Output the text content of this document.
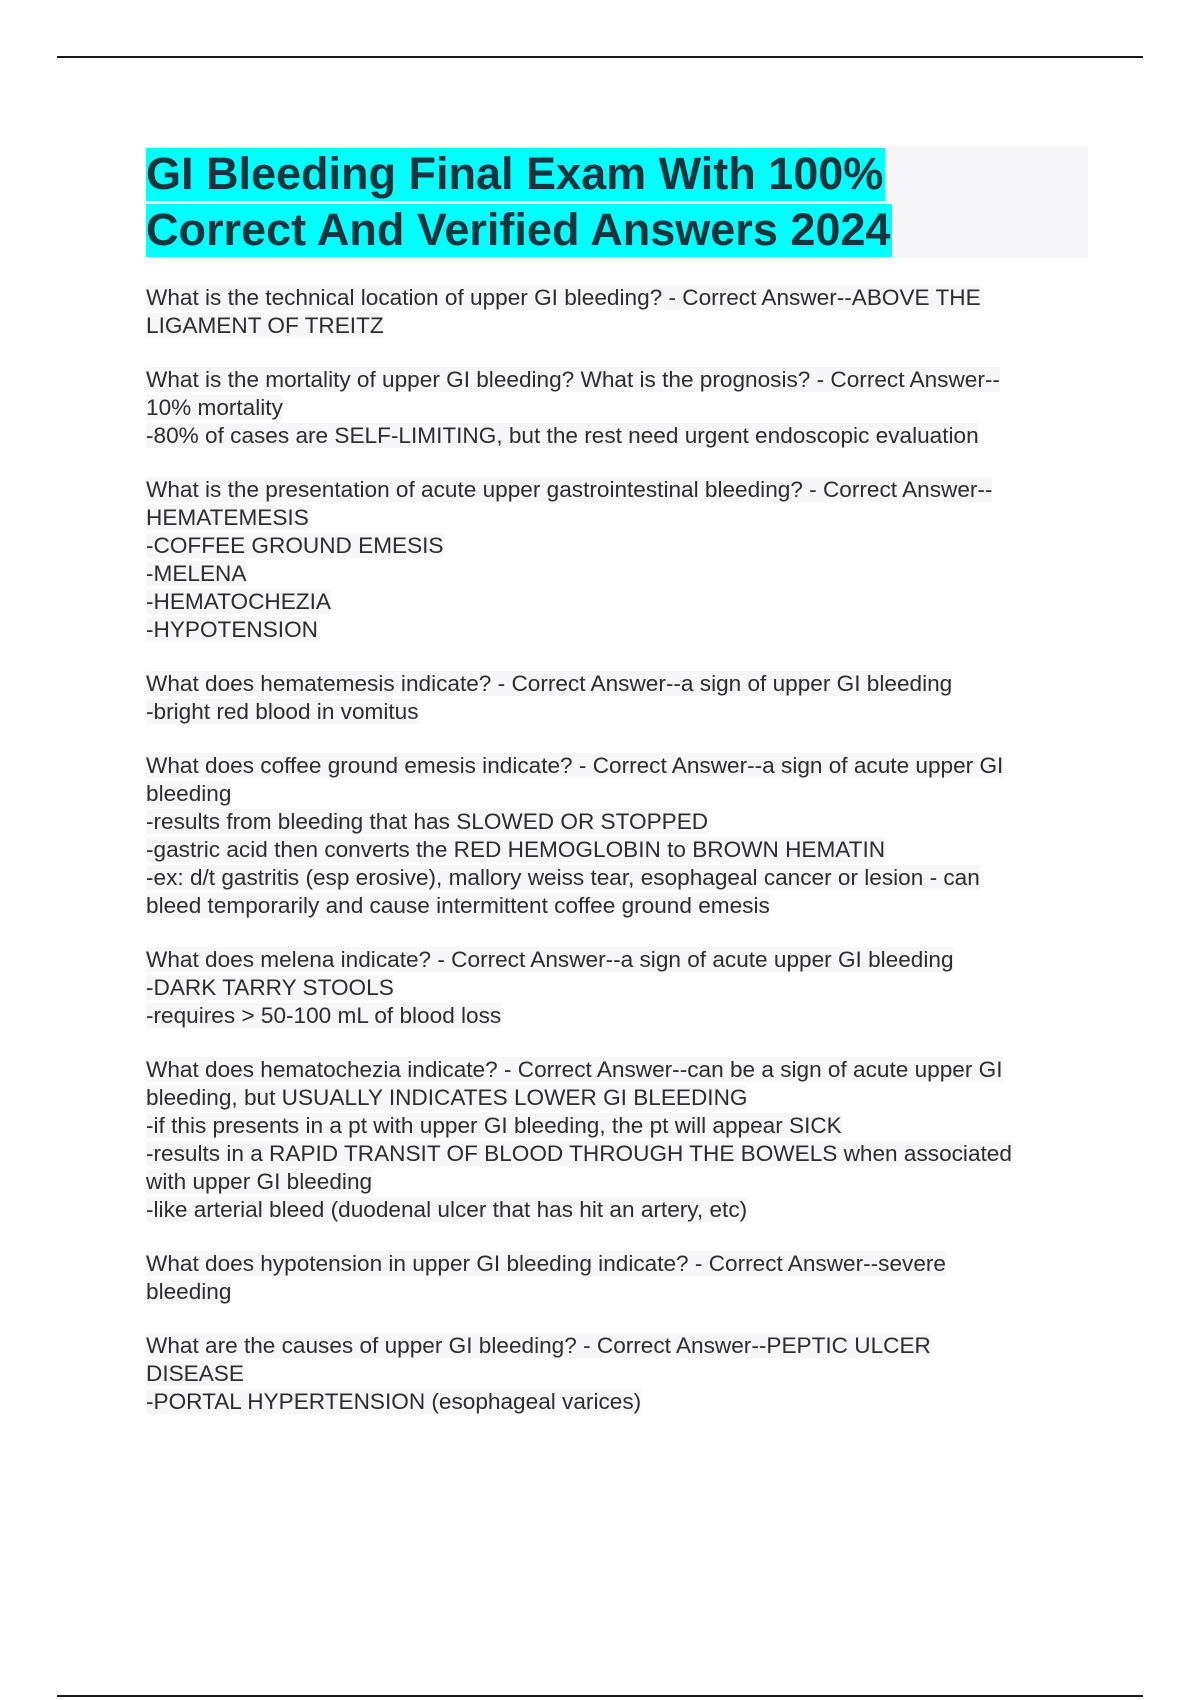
GI Bleeding Final Exam With 100%
Correct And Verified Answers 2024
What is the technical location of upper GI bleeding? - Correct Answer--ABOVE THE
LIGAMENT OF TREITZ
What is the mortality of upper GI bleeding? What is the prognosis? - Correct Answer--
10% mortality
-80% of cases are SELF-LIMITING, but the rest need urgent endoscopic evaluation
What is the presentation of acute upper gastrointestinal bleeding? - Correct Answer--
HEMATEMESIS
-COFFEE GROUND EMESIS
-MELENA
-HEMATOCHEZIA
-HYPOTENSION
What does hematemesis indicate? - Correct Answer--a sign of upper GI bleeding
-bright red blood in vomitus
What does coffee ground emesis indicate? - Correct Answer--a sign of acute upper GI
bleeding
-results from bleeding that has SLOWED OR STOPPED
-gastric acid then converts the RED HEMOGLOBIN to BROWN HEMATIN
-ex: d/t gastritis (esp erosive), mallory weiss tear, esophageal cancer or lesion - can
bleed temporarily and cause intermittent coffee ground emesis
What does melena indicate? - Correct Answer--a sign of acute upper GI bleeding
-DARK TARRY STOOLS
-requires > 50-100 mL of blood loss
What does hematochezia indicate? - Correct Answer--can be a sign of acute upper GI
bleeding, but USUALLY INDICATES LOWER GI BLEEDING
-if this presents in a pt with upper GI bleeding, the pt will appear SICK
-results in a RAPID TRANSIT OF BLOOD THROUGH THE BOWELS when associated
with upper GI bleeding
-like arterial bleed (duodenal ulcer that has hit an artery, etc)
What does hypotension in upper GI bleeding indicate? - Correct Answer--severe
bleeding
What are the causes of upper GI bleeding? - Correct Answer--PEPTIC ULCER
DISEASE
-PORTAL HYPERTENSION (esophageal varices)
